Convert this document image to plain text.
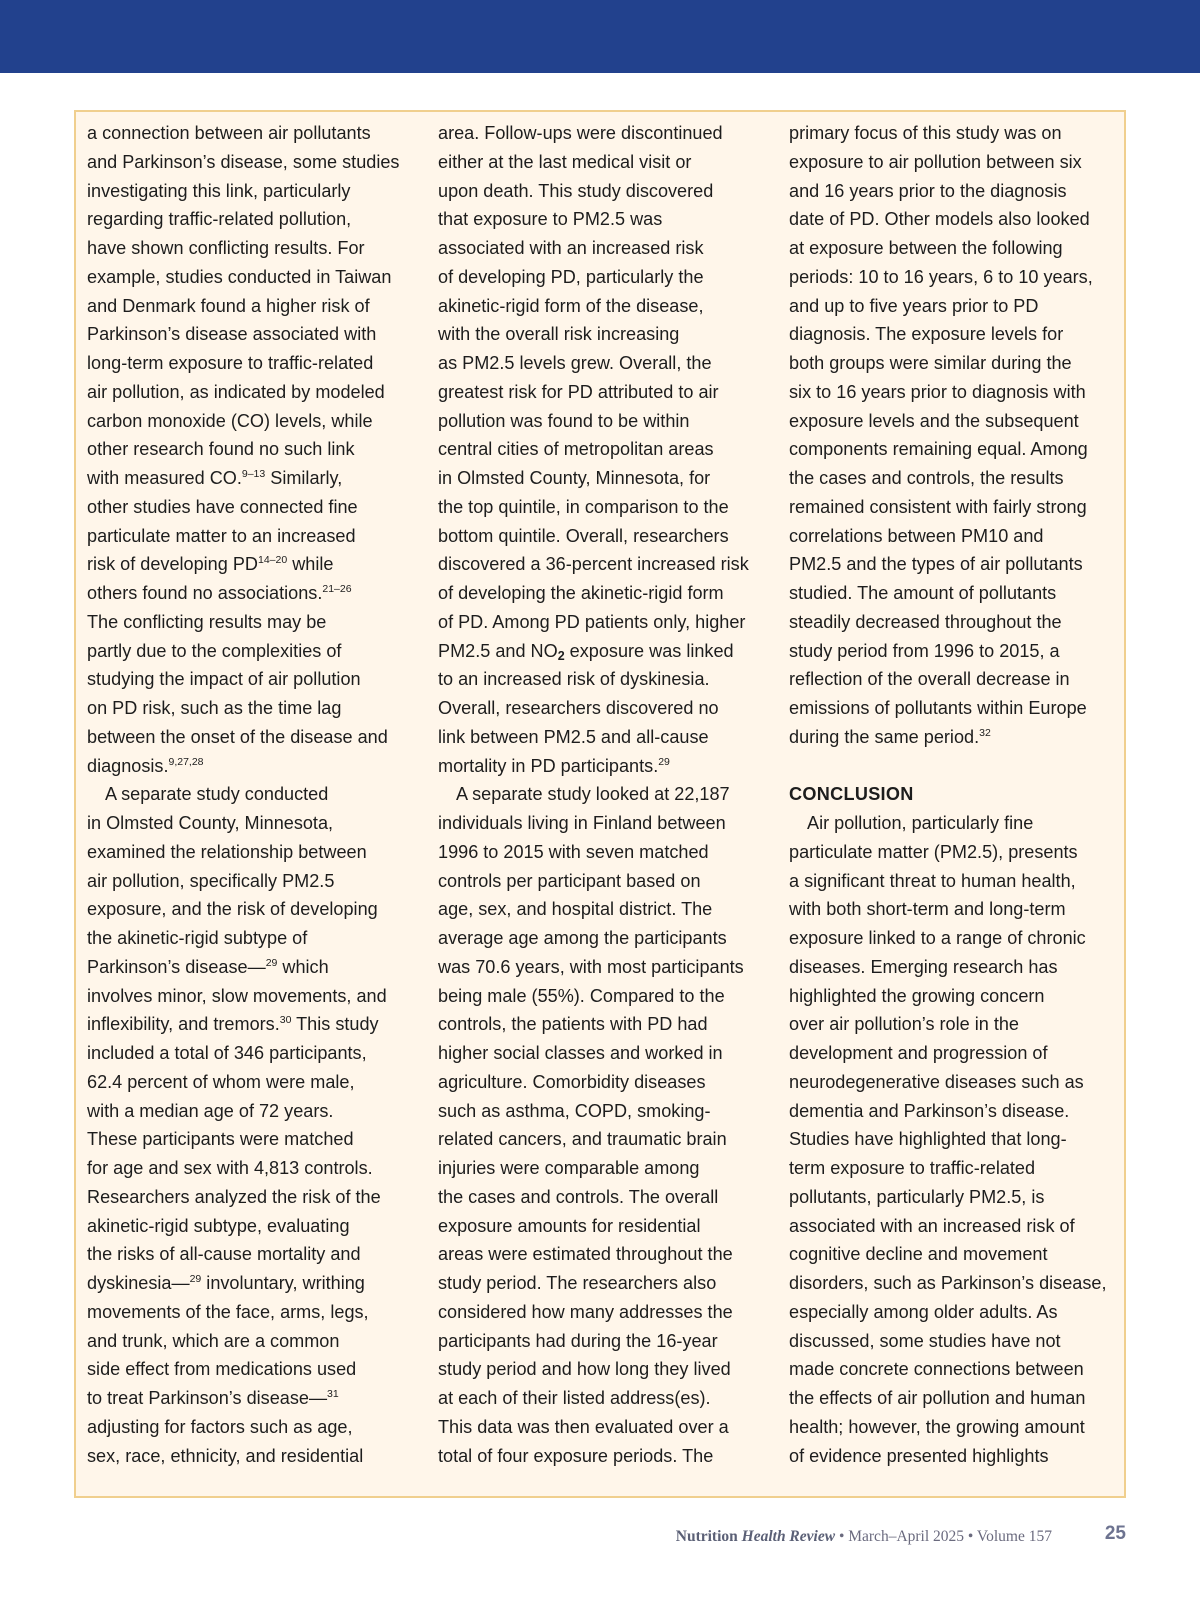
a connection between air pollutants

and Parkinson’s disease, some studies

investigating this link, particularly

regarding traffic-related pollution,

have shown conflicting results. For

example, studies conducted in Taiwan

and Denmark found a higher risk of

Parkinson’s disease associated with

long-term exposure to traffic-related

air pollution, as indicated by modeled

carbon monoxide (CO) levels, while

other research found no such link

with measured CO.$^{9-13}$ Similarly,

other studies have connected fine

particulate matter to an increased

risk of developing PD$^{14-20}$ while

others found no associations.$^{21-26}$

The conflicting results may be

partly due to the complexities of

studying the impact of air pollution

on PD risk, such as the time lag

between the onset of the disease and

diagnosis.$^{9,27,28}$

A separate study conducted

in Olmsted County, Minnesota,

examined the relationship between

air pollution, specifically PM2.5

exposure, and the risk of developing

the akinetic-rigid subtype of

Parkinson’s disease—$^{29}$ which

involves minor, slow movements, and

inflexibility, and tremors.$^{30}$ This study

included a total of 346 participants,

62.4 percent of whom were male,

with a median age of 72 years.

These participants were matched

for age and sex with 4,813 controls.

Researchers analyzed the risk of the

akinetic-rigid subtype, evaluating

the risks of all-cause mortality and

dyskinesia—$^{29}$ involuntary, writhing

movements of the face, arms, legs,

and trunk, which are a common

side effect from medications used

to treat Parkinson’s disease—$^{31}$

adjusting for factors such as age,

sex, race, ethnicity, and residential

area. Follow-ups were discontinued

either at the last medical visit or

upon death. This study discovered

that exposure to PM2.5 was

associated with an increased risk

of developing PD, particularly the

akinetic-rigid form of the disease,

with the overall risk increasing

as PM2.5 levels grew. Overall, the

greatest risk for PD attributed to air

pollution was found to be within

central cities of metropolitan areas

in Olmsted County, Minnesota, for

the top quintile, in comparison to the

bottom quintile. Overall, researchers

discovered a 36-percent increased risk

of developing the akinetic-rigid form

of PD. Among PD patients only, higher

PM2.5 and $NO_2$ exposure was linked

to an increased risk of dyskinesia.

Overall, researchers discovered no

link between PM2.5 and all-cause

mortality in PD participants.$^{29}$

A separate study looked at 22,187

individuals living in Finland between

1996 to 2015 with seven matched

controls per participant based on

age, sex, and hospital district. The

average age among the participants

was 70.6 years, with most participants

being male (55%). Compared to the

controls, the patients with PD had

higher social classes and worked in

agriculture. Comorbidity diseases

such as asthma, COPD, smoking-

related cancers, and traumatic brain

injuries were comparable among

the cases and controls. The overall

exposure amounts for residential

areas were estimated throughout the

study period. The researchers also

considered how many addresses the

participants had during the 16-year

study period and how long they lived

at each of their listed address(es).

This data was then evaluated over a

total of four exposure periods. The

primary focus of this study was on

exposure to air pollution between six

and 16 years prior to the diagnosis

date of PD. Other models also looked

at exposure between the following

periods: 10 to 16 years, 6 to 10 years,

and up to five years prior to PD

diagnosis. The exposure levels for

both groups were similar during the

six to 16 years prior to diagnosis with

exposure levels and the subsequent

components remaining equal. Among

the cases and controls, the results

remained consistent with fairly strong

correlations between PM10 and

PM2.5 and the types of air pollutants

studied. The amount of pollutants

steadily decreased throughout the

study period from 1996 to 2015, a

reflection of the overall decrease in

emissions of pollutants within Europe

during the same period.$^{32}$

CONCLUSION

Air pollution, particularly fine

particulate matter (PM2.5), presents

a significant threat to human health,

with both short-term and long-term

exposure linked to a range of chronic

diseases. Emerging research has

highlighted the growing concern

over air pollution’s role in the

development and progression of

neurodegenerative diseases such as

dementia and Parkinson’s disease.

Studies have highlighted that long-

term exposure to traffic-related

pollutants, particularly PM2.5, is

associated with an increased risk of

cognitive decline and movement

disorders, such as Parkinson’s disease,

especially among older adults. As

discussed, some studies have not

made concrete connections between

the effects of air pollution and human

health; however, the growing amount

of evidence presented highlights

Nutrition Health Review • March–April 2025 • Volume 157	25
